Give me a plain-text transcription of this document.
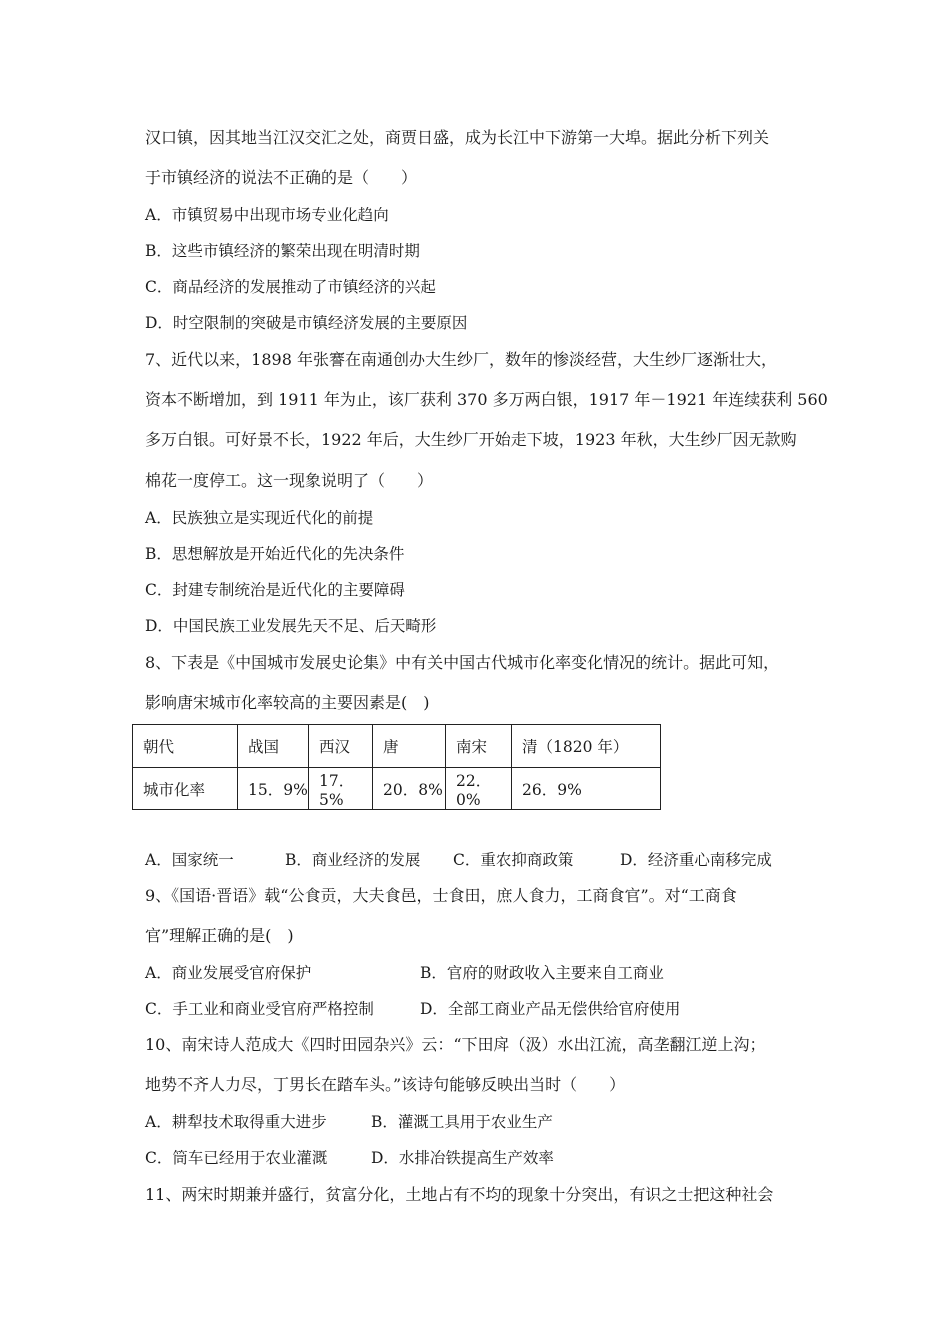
汉口镇，因其地当江汉交汇之处，商贾日盛，成为长江中下游第一大埠。据此分析下列关
于市镇经济的说法不正确的是（　　）
A．市镇贸易中出现市场专业化趋向
B．这些市镇经济的繁荣出现在明清时期
C．商品经济的发展推动了市镇经济的兴起
D．时空限制的突破是市镇经济发展的主要原因
7、近代以来，1898 年张謇在南通创办大生纱厂，数年的惨淡经营，大生纱厂逐渐壮大，
资本不断增加，到 1911 年为止，该厂获利 370 多万两白银，1917 年－1921 年连续获利 560
多万白银。可好景不长，1922 年后，大生纱厂开始走下坡，1923 年秋，大生纱厂因无款购
棉花一度停工。这一现象说明了（　　）
A．民族独立是实现近代化的前提
B．思想解放是开始近代化的先决条件
C．封建专制统治是近代化的主要障碍
D．中国民族工业发展先天不足、后天畸形
8、下表是《中国城市发展史论集》中有关中国古代城市化率变化情况的统计。据此可知，
影响唐宋城市化率较高的主要因素是(　)
朝代	战国	西汉	唐	南宋	清（1820 年）
城市化率	15．9%	17．5%	20．8%	22．0%	26．9%
A．国家统一	B．商业经济的发展 C．重农抑商政策	D．经济重心南移完成
9、《国语·晋语》载“公食贡，大夫食邑，士食田，庶人食力，工商食官”。对“工商食
官”理解正确的是(　)
A．商业发展受官府保护	B．官府的财政收入主要来自工商业
C．手工业和商业受官府严格控制	D．全部工商业产品无偿供给官府使用
10、南宋诗人范成大《四时田园杂兴》云：“下田戽（汲）水出江流，高垄翻江逆上沟；
地势不齐人力尽，丁男长在踏车头。”该诗句能够反映出当时（　　）
A．耕犁技术取得重大进步	B．灌溉工具用于农业生产
C．筒车已经用于农业灌溉	D．水排冶铁提高生产效率
11、两宋时期兼并盛行，贫富分化，土地占有不均的现象十分突出，有识之士把这种社会
